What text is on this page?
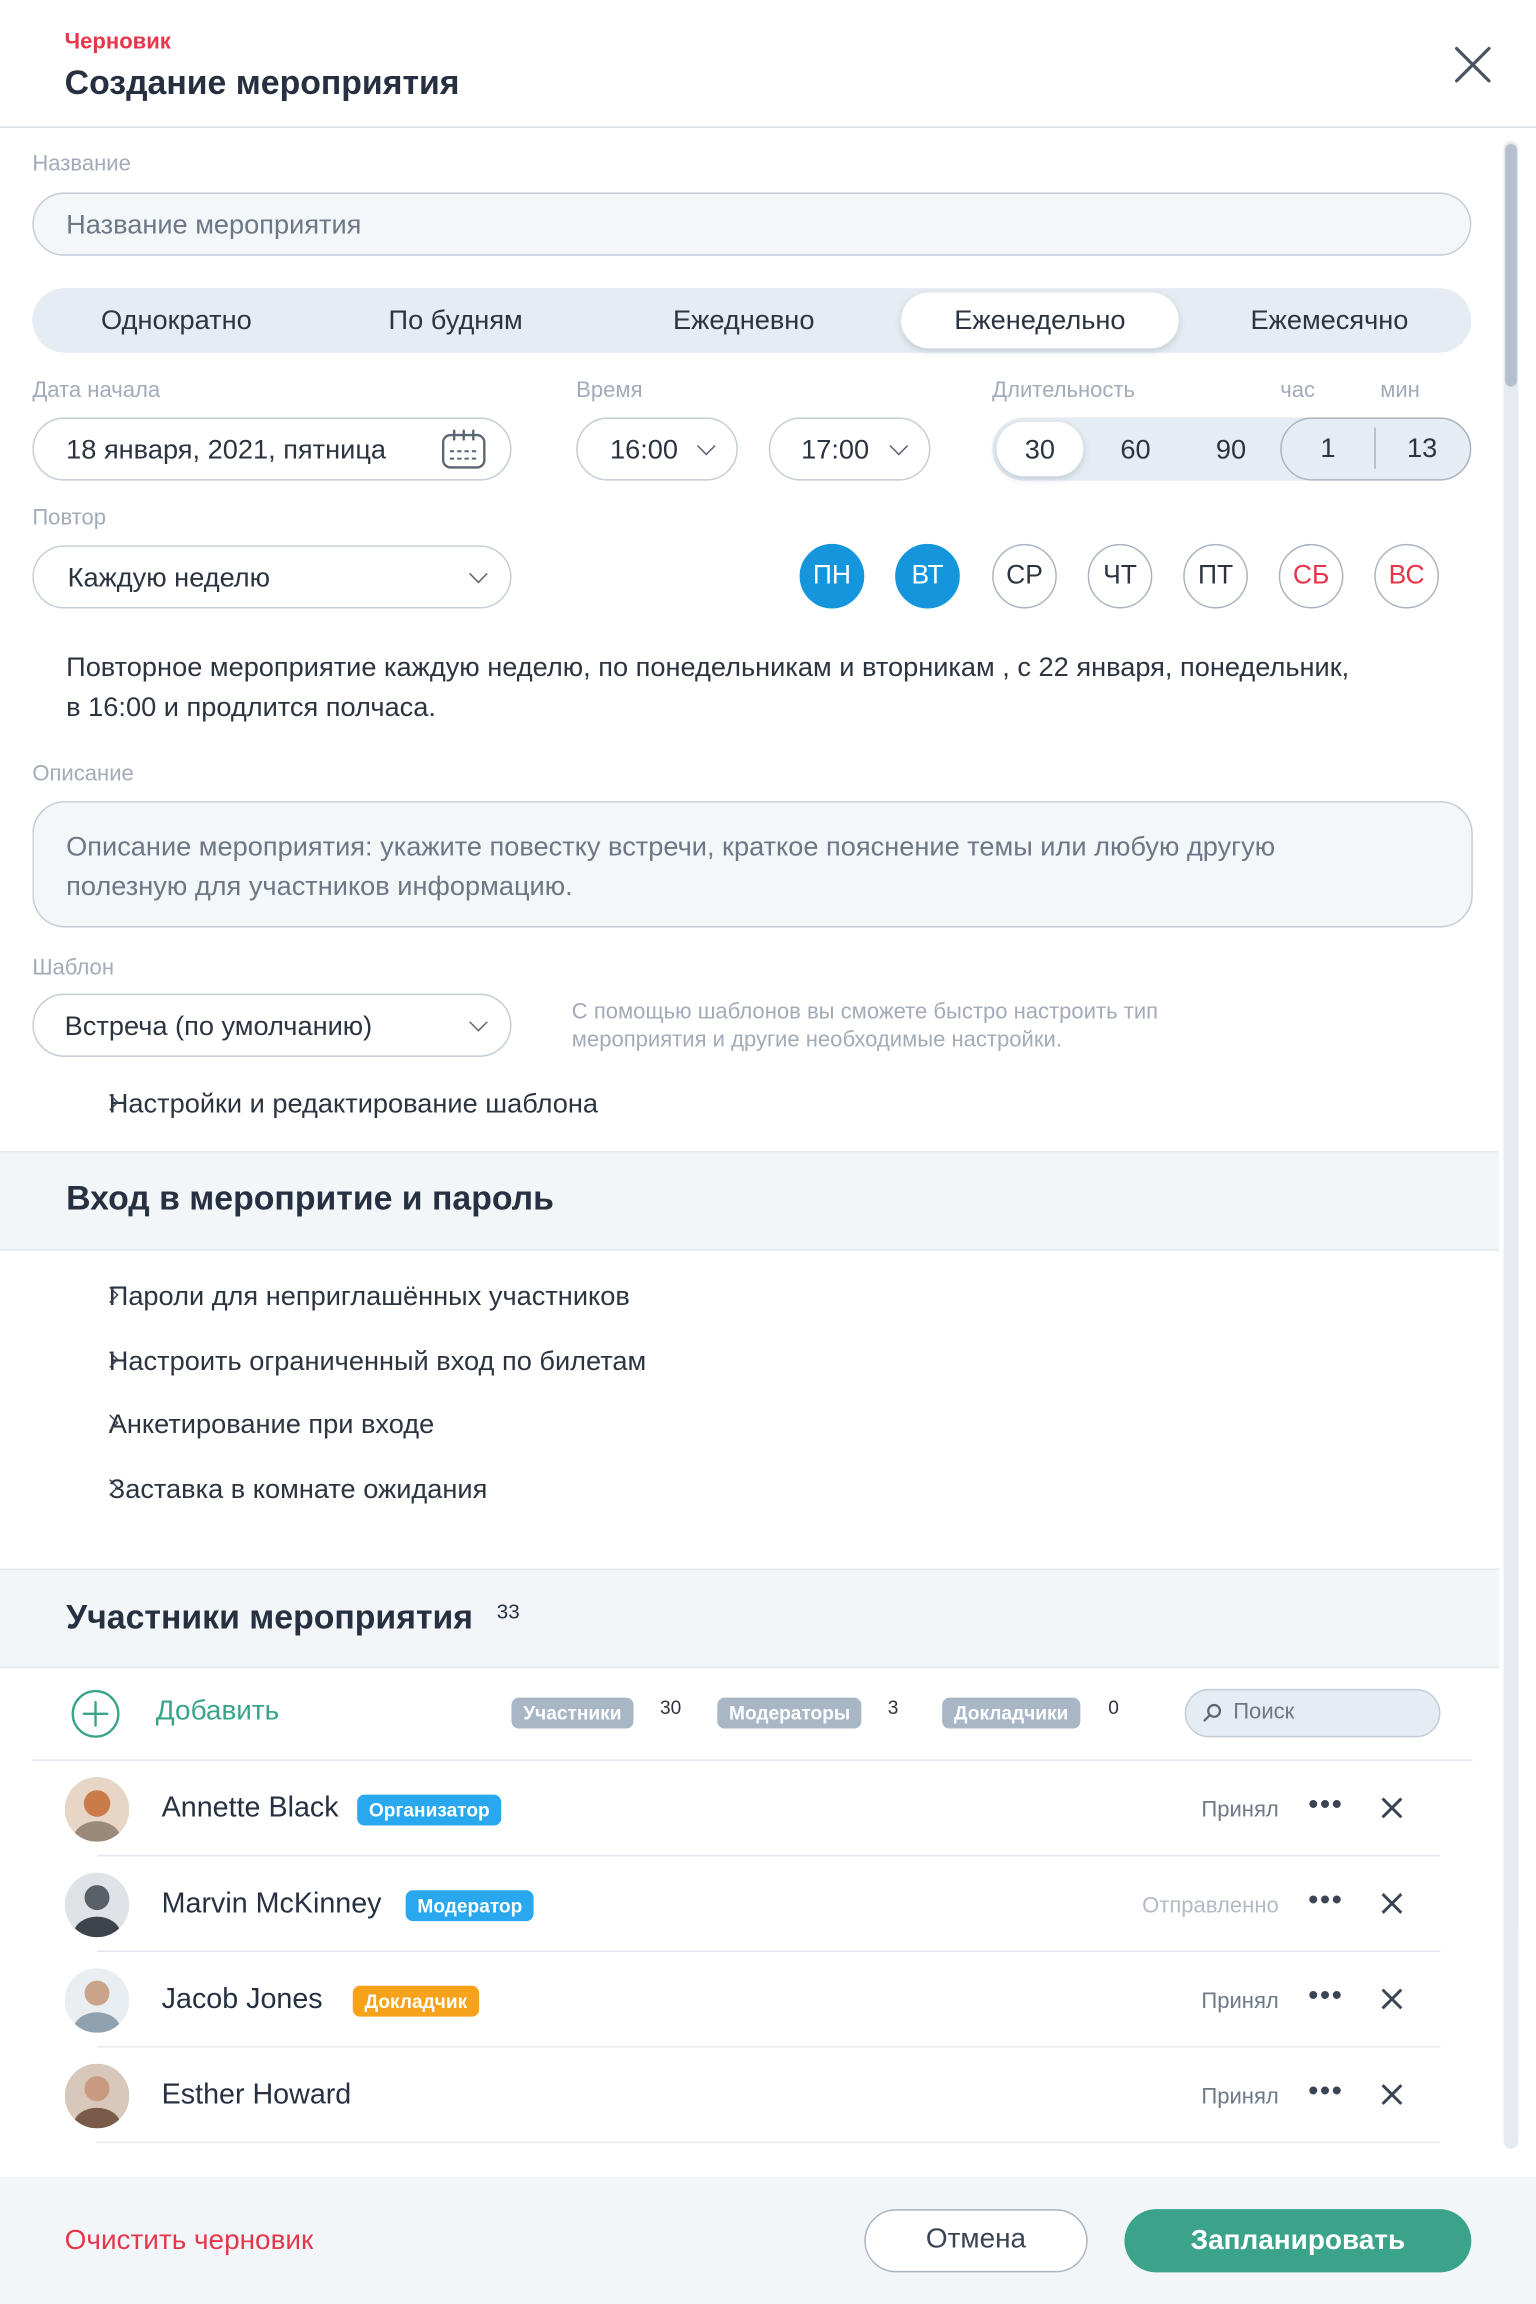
Черновик
Создание мероприятия
Название
Название мероприятия
Однократно	По будням	Ежедневно	Еженедельно	Ежемесячно
Дата начала
18 января, 2021, пятница
Время
16:00	17:00
Длительность	час	мин
30	60	90	1	13
Повтор
Каждую неделю	ПН	ВТ	СР	ЧТ	ПТ	СБ	ВС
Повторное мероприятие каждую неделю, по понедельникам и вторникам , с 22 января, понедельник,
в 16:00 и продлится полчаса.
Описание
Описание мероприятия: укажите повестку встречи, краткое пояснение темы или любую другую
полезную для участников информацию.
Шаблон
Встреча (по умолчанию)	С помощью шаблонов вы сможете быстро настроить тип
мероприятия и другие необходимые настройки.
Настройки и редактирование шаблона
Вход в меропритие и пароль
Пароли для неприглашённых участников
Настроить ограниченный вход по билетам
Анкетирование при входе
Заставка в комнате ожидания
Участники мероприятия 33
Добавить	Участники	30	Модераторы	3	Докладчики	0	Поиск
Annette Black	Организатор	Принял •••
Marvin McKinney	Модератор	Отправленно •••
Jacob Jones	Докладчик	Принял •••
Esther Howard	Принял •••
Очистить черновик	Отмена	Запланировать
